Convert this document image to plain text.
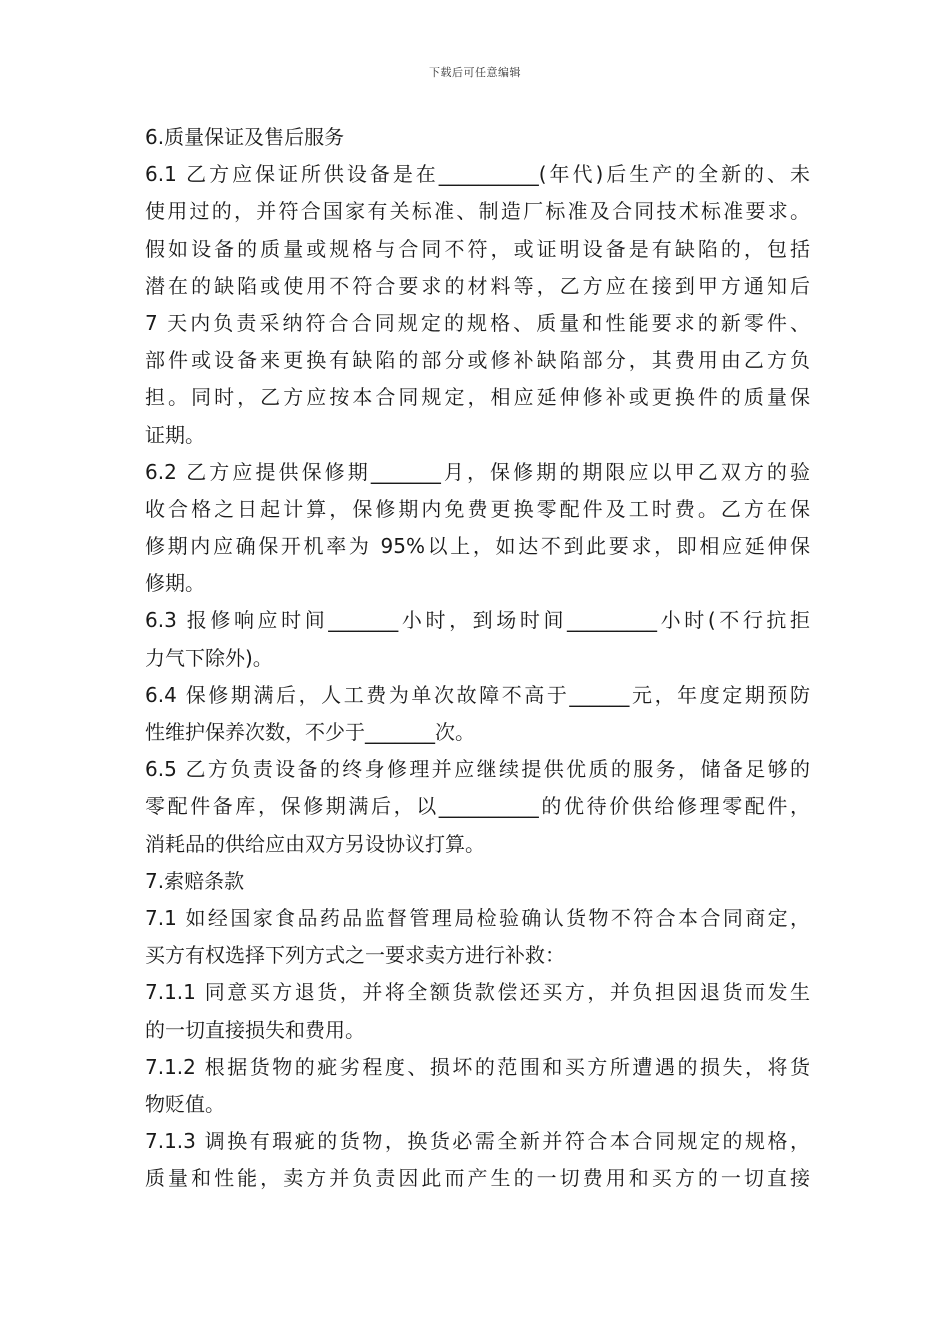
下载后可任意编辑
6.质量保证及售后服务
6.1 乙方应保证所供设备是在__________(年代)后生产的全新的、未
使用过的，并符合国家有关标准、制造厂标准及合同技术标准要求。
假如设备的质量或规格与合同不符，或证明设备是有缺陷的，包括
潜在的缺陷或使用不符合要求的材料等，乙方应在接到甲方通知后
7 天内负责采纳符合合同规定的规格、质量和性能要求的新零件、
部件或设备来更换有缺陷的部分或修补缺陷部分，其费用由乙方负
担。同时，乙方应按本合同规定，相应延伸修补或更换件的质量保
证期。
6.2 乙方应提供保修期_______月，保修期的期限应以甲乙双方的验
收合格之日起计算，保修期内免费更换零配件及工时费。乙方在保
修期内应确保开机率为 95%以上，如达不到此要求，即相应延伸保
修期。
6.3 报修响应时间_______小时，到场时间_________小时(不行抗拒
力气下除外)。
6.4 保修期满后，人工费为单次故障不高于______元，年度定期预防
性维护保养次数，不少于_______次。
6.5 乙方负责设备的终身修理并应继续提供优质的服务，储备足够的
零配件备库，保修期满后，以__________的优待价供给修理零配件，
消耗品的供给应由双方另设协议打算。
7.索赔条款
7.1 如经国家食品药品监督管理局检验确认货物不符合本合同商定，
买方有权选择下列方式之一要求卖方进行补救：
7.1.1 同意买方退货，并将全额货款偿还买方，并负担因退货而发生
的一切直接损失和费用。
7.1.2 根据货物的疵劣程度、损坏的范围和买方所遭遇的损失，将货
物贬值。
7.1.3 调换有瑕疵的货物，换货必需全新并符合本合同规定的规格，
质量和性能，卖方并负责因此而产生的一切费用和买方的一切直接
